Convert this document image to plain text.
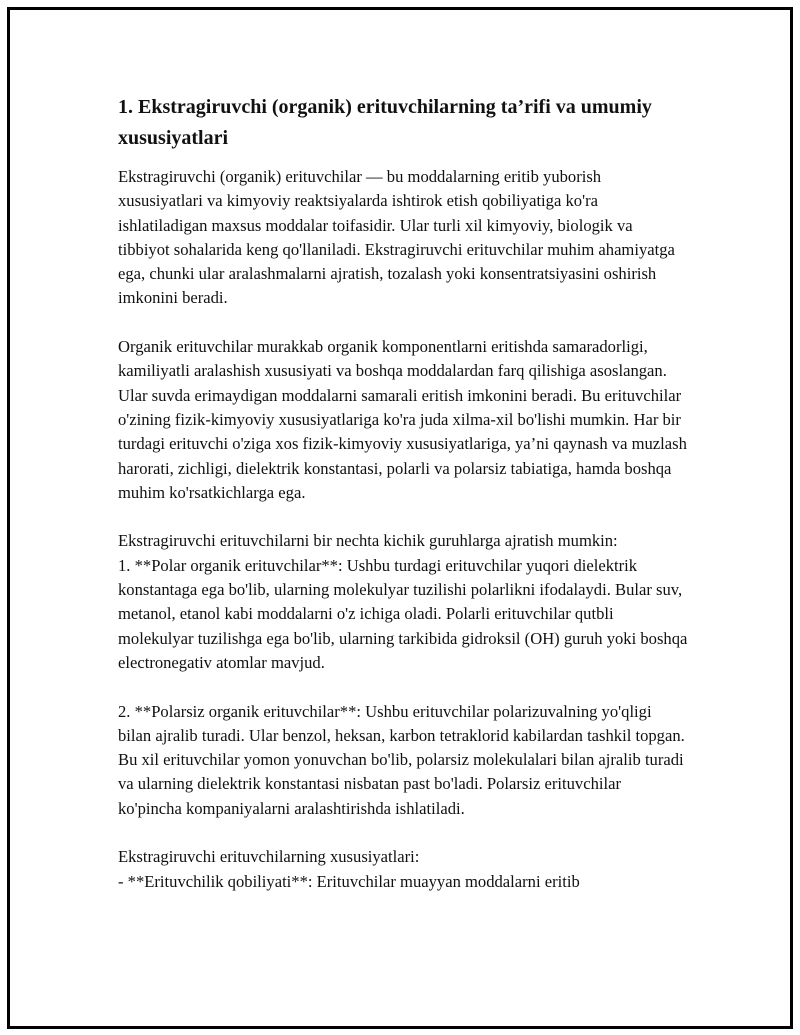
1. Ekstragiruvchi (organik) erituvchilarning ta’rifi va umumiy xususiyatlari

Ekstragiruvchi (organik) erituvchilar — bu moddalarning eritib yuborish xususiyatlari va kimyoviy reaktsiyalarda ishtirok etish qobiliyatiga ko'ra ishlatiladigan maxsus moddalar toifasidir. Ular turli xil kimyoviy, biologik va tibbiyot sohalarida keng qo'llaniladi. Ekstragiruvchi erituvchilar muhim ahamiyatga ega, chunki ular aralashmalarni ajratish, tozalash yoki konsentratsiyasini oshirish imkonini beradi.

Organik erituvchilar murakkab organik komponentlarni eritishda samaradorligi, kamiliyatli aralashish xususiyati va boshqa moddalardan farq qilishiga asoslangan. Ular suvda erimaydigan moddalarni samarali eritish imkonini beradi. Bu erituvchilar o'zining fizik-kimyoviy xususiyatlariga ko'ra juda xilma-xil bo'lishi mumkin. Har bir turdagi erituvchi o'ziga xos fizik-kimyoviy xususiyatlariga, ya’ni qaynash va muzlash harorati, zichligi, dielektrik konstantasi, polarli va polarsiz tabiatiga, hamda boshqa muhim ko'rsatkichlarga ega.

Ekstragiruvchi erituvchilarni bir nechta kichik guruhlarga ajratish mumkin:
1. **Polar organik erituvchilar**: Ushbu turdagi erituvchilar yuqori dielektrik konstantaga ega bo'lib, ularning molekulyar tuzilishi polarlikni ifodalaydi. Bular suv, metanol, etanol kabi moddalarni o'z ichiga oladi. Polarli erituvchilar qutbli molekulyar tuzilishga ega bo'lib, ularning tarkibida gidroksil (OH) guruh yoki boshqa electronegativ atomlar mavjud.

2. **Polarsiz organik erituvchilar**: Ushbu erituvchilar polarizuvalning yo'qligi bilan ajralib turadi. Ular benzol, heksan, karbon tetraklorid kabilardan tashkil topgan. Bu xil erituvchilar yomon yonuvchan bo'lib, polarsiz molekulalari bilan ajralib turadi va ularning dielektrik konstantasi nisbatan past bo'ladi. Polarsiz erituvchilar ko'pincha kompaniyalarni aralashtirishda ishlatiladi.

Ekstragiruvchi erituvchilarning xususiyatlari:
- **Erituvchilik qobiliyati**: Erituvchilar muayyan moddalarni eritib
